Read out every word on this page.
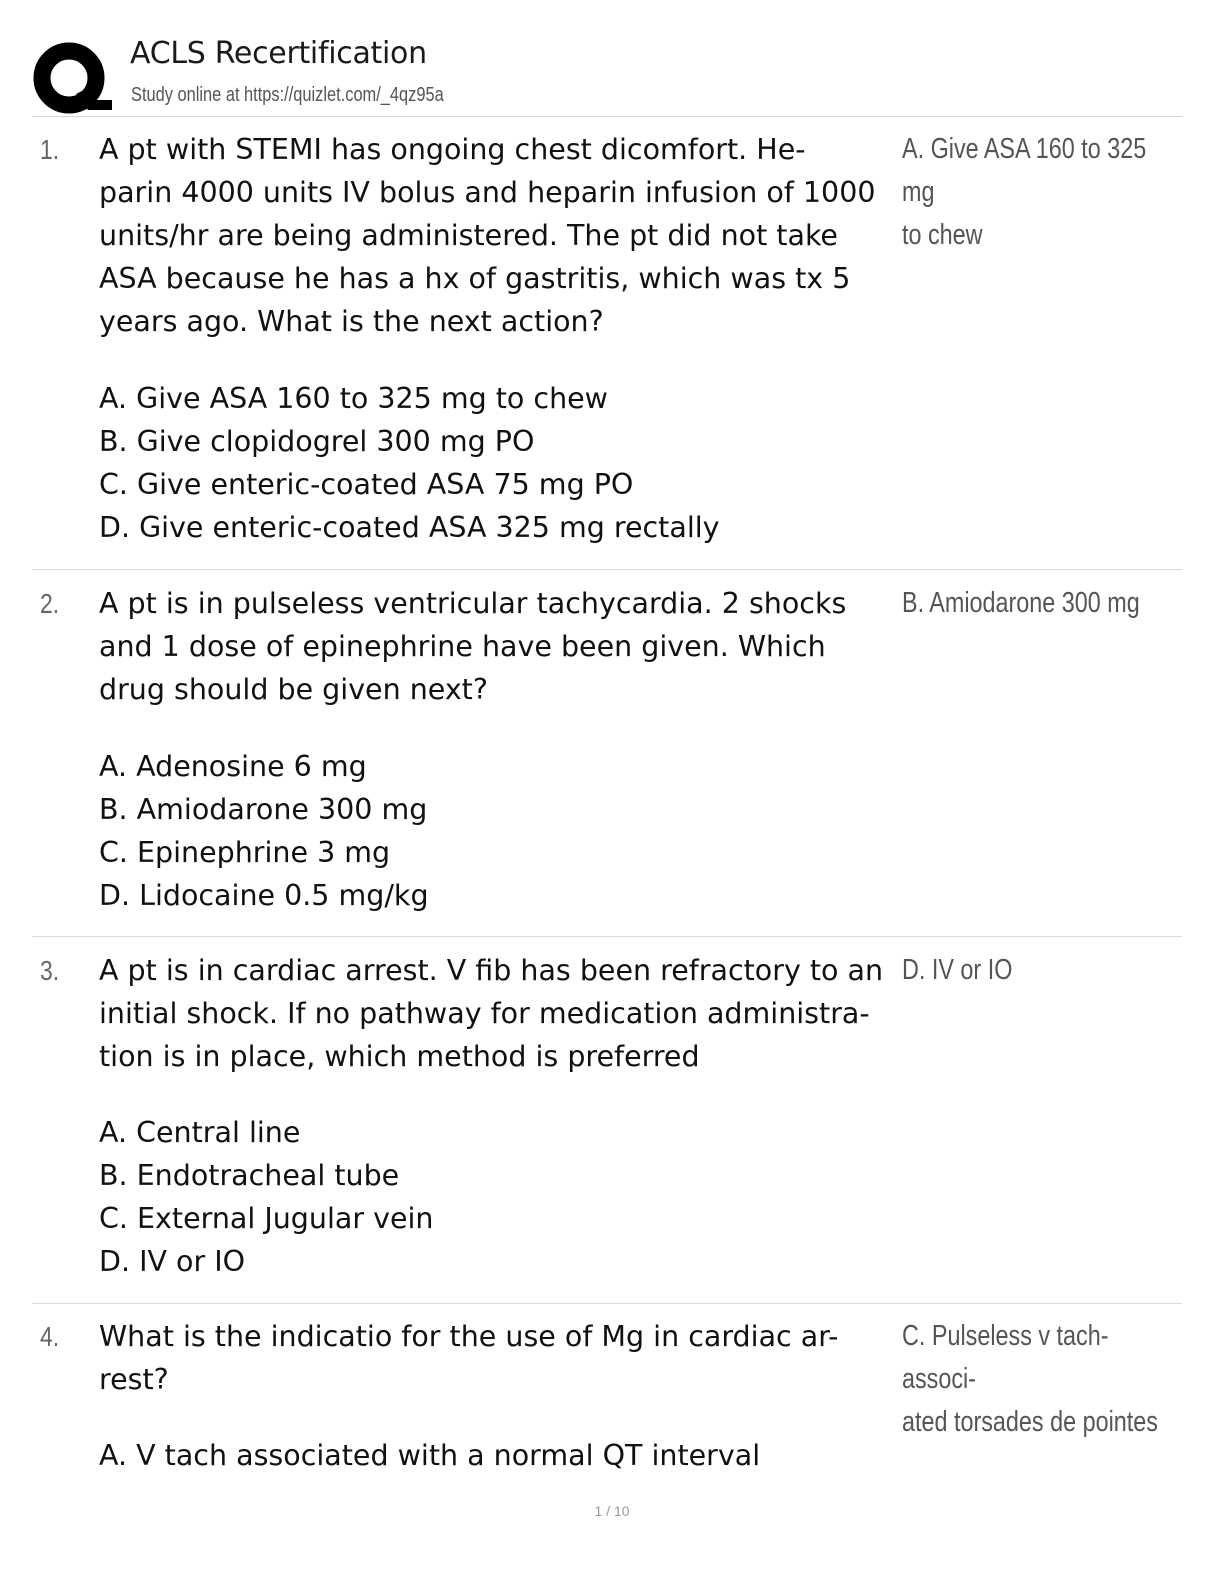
ACLS Recertification
Study online at https://quizlet.com/_4qz95a
1. A pt with STEMI has ongoing chest dicomfort. He-
parin 4000 units IV bolus and heparin infusion of 1000
units/hr are being administered. The pt did not take
ASA because he has a hx of gastritis, which was tx 5
years ago. What is the next action?
A. Give ASA 160 to 325 mg to chew
B. Give clopidogrel 300 mg PO
C. Give enteric-coated ASA 75 mg PO
D. Give enteric-coated ASA 325 mg rectally
A. Give ASA 160 to 325 mg
to chew
2. A pt is in pulseless ventricular tachycardia. 2 shocks
and 1 dose of epinephrine have been given. Which
drug should be given next?
A. Adenosine 6 mg
B. Amiodarone 300 mg
C. Epinephrine 3 mg
D. Lidocaine 0.5 mg/kg
B. Amiodarone 300 mg
3. A pt is in cardiac arrest. V fib has been refractory to an
initial shock. If no pathway for medication administra-
tion is in place, which method is preferred
A. Central line
B. Endotracheal tube
C. External Jugular vein
D. IV or IO
D. IV or IO
4. What is the indicatio for the use of Mg in cardiac ar-
rest?
A. V tach associated with a normal QT interval
C. Pulseless v tach-associ-
ated torsades de pointes
1 / 10
